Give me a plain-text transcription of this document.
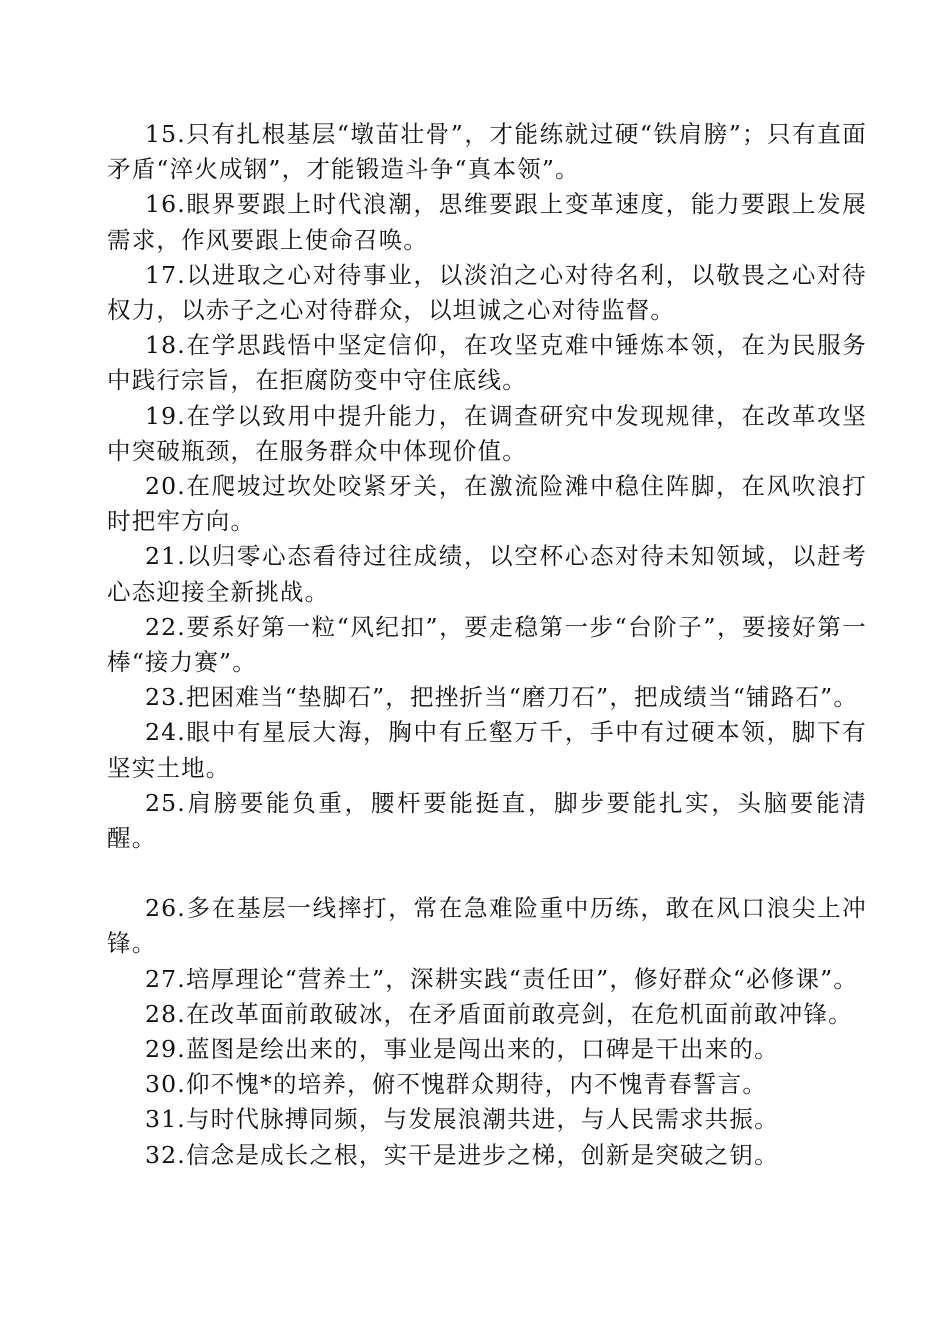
15.只有扎根基层“墩苗壮骨”，才能练就过硬“铁肩膀”；只有直面矛盾“淬火成钢”，才能锻造斗争“真本领”。

16.眼界要跟上时代浪潮，思维要跟上变革速度，能力要跟上发展需求，作风要跟上使命召唤。

17.以进取之心对待事业，以淡泊之心对待名利，以敬畏之心对待权力，以赤子之心对待群众，以坦诚之心对待监督。

18.在学思践悟中坚定信仰，在攻坚克难中锤炼本领，在为民服务中践行宗旨，在拒腐防变中守住底线。

19.在学以致用中提升能力，在调查研究中发现规律，在改革攻坚中突破瓶颈，在服务群众中体现价值。

20.在爬坡过坎处咬紧牙关，在激流险滩中稳住阵脚，在风吹浪打时把牢方向。

21.以归零心态看待过往成绩，以空杯心态对待未知领域，以赶考心态迎接全新挑战。

22.要系好第一粒“风纪扣”，要走稳第一步“台阶子”，要接好第一棒“接力赛”。

23.把困难当“垫脚石”，把挫折当“磨刀石”，把成绩当“铺路石”。

24.眼中有星辰大海，胸中有丘壑万千，手中有过硬本领，脚下有坚实土地。

25.肩膀要能负重，腰杆要能挺直，脚步要能扎实，头脑要能清醒。

26.多在基层一线摔打，常在急难险重中历练，敢在风口浪尖上冲锋。

27.培厚理论“营养土”，深耕实践“责任田”，修好群众“必修课”。

28.在改革面前敢破冰，在矛盾面前敢亮剑，在危机面前敢冲锋。

29.蓝图是绘出来的，事业是闯出来的，口碑是干出来的。

30.仰不愧*的培养，俯不愧群众期待，内不愧青春誓言。

31.与时代脉搏同频，与发展浪潮共进，与人民需求共振。

32.信念是成长之根，实干是进步之梯，创新是突破之钥。
